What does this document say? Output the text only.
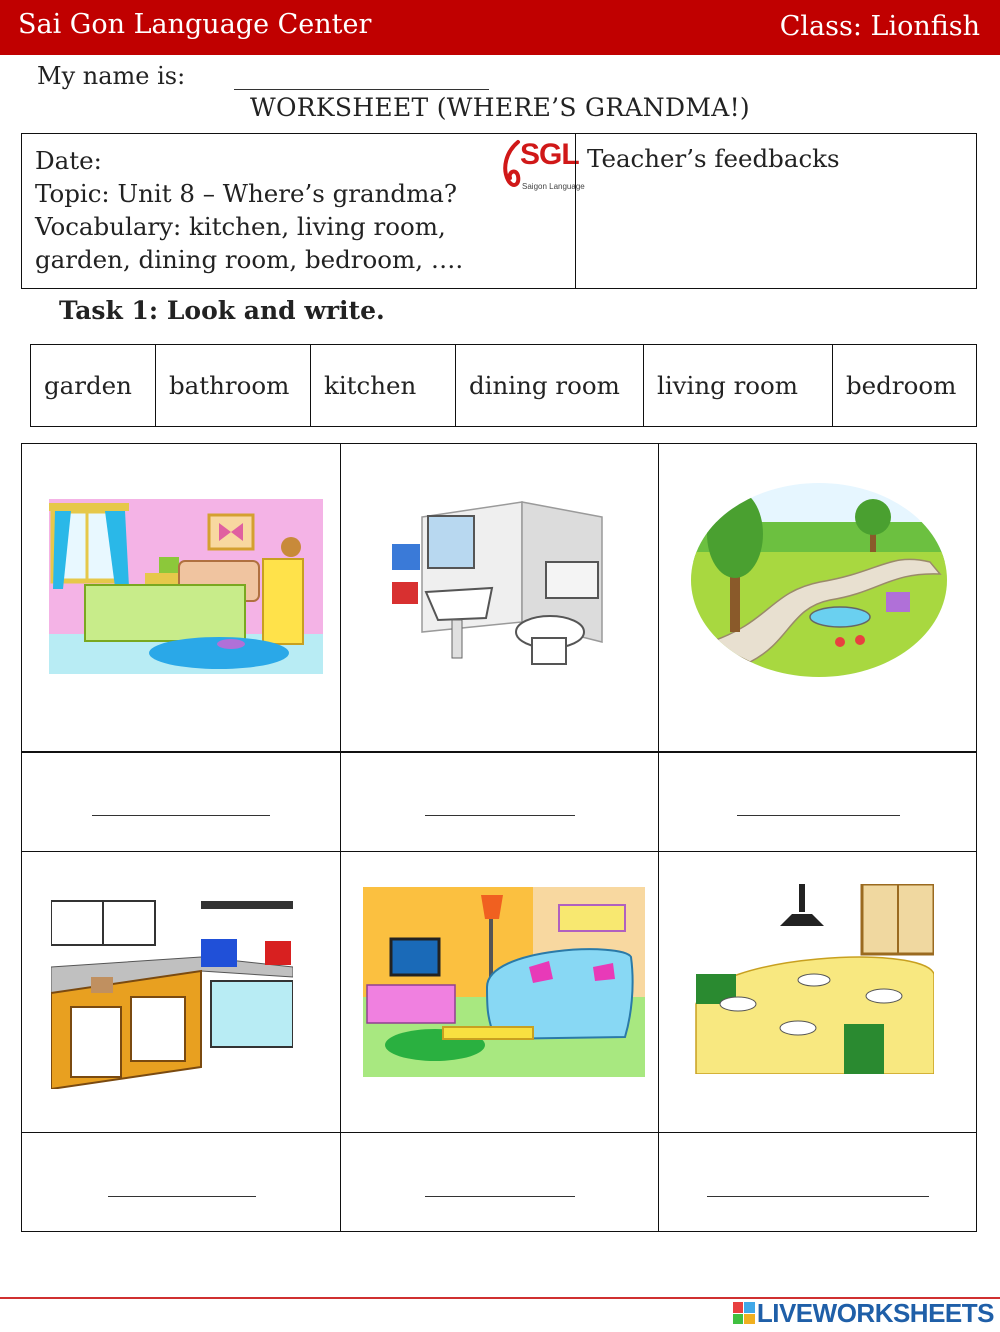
Sai Gon Language Center	Class: Lionfish
My name is:
WORKSHEET (WHERE’S GRANDMA!)
Date:
Topic: Unit 8 – Where’s grandma?
Vocabulary: kitchen, living room,
garden, dining room, bedroom, ….
SGL
Saigon Language
Teacher’s feedbacks
Task 1: Look and write.
garden	bathroom	kitchen	dining room	living room	bedroom
LIVEWORKSHEETS
